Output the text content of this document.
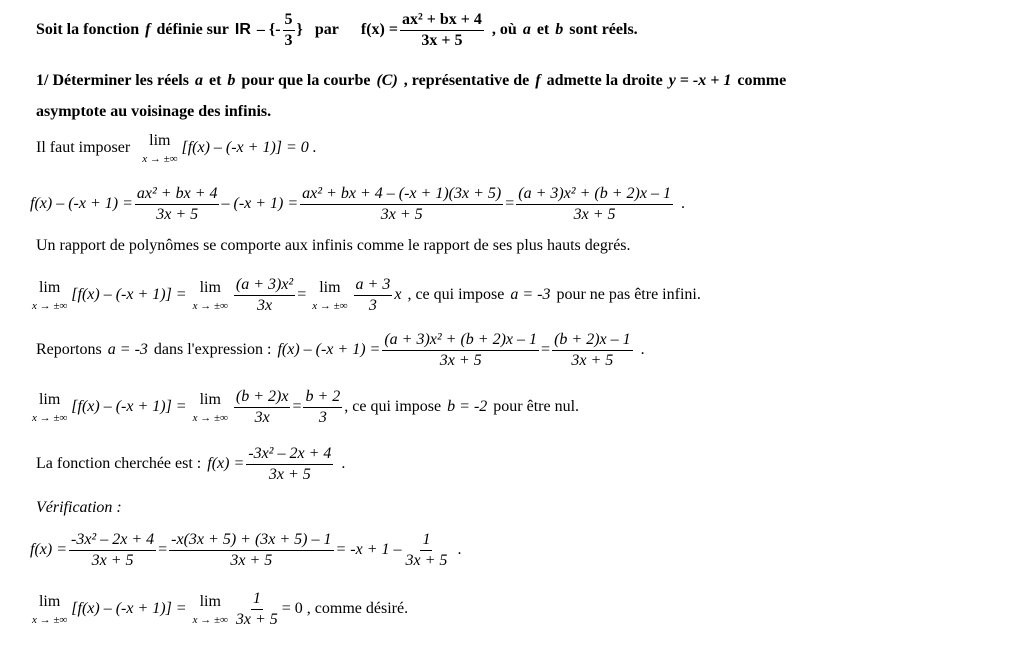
Soit la fonction f définie sur IR – {- $\frac{5}{3}$ } par $f(x) = \frac{\text{ax² + bx + 4}}{3x + 5}$ , où a et b sont réels.
1/ Déterminer les réels a et b pour que la courbe (C) , représentative de f admette la droite y = -x + 1 comme
asymptote au voisinage des infinis.
Il faut imposer lim
x → ±∞
[f(x) – (-x + 1)] = 0 .
$f(x) - (-x + 1) = \frac{\text{ax² + bx + 4}}{3x + 5} - (-x + 1) = \frac{\text{ax² + bx + 4 – (-x + 1)(3x + 5)}}{3x + 5} = \frac{\text{(a + 3)x² + (b + 2)x – 1}}{3x + 5}$ .
Un rapport de polynômes se comporte aux infinis comme le rapport de ses plus hauts degrés.
lim
x → ±∞
[f(x) – (-x + 1)] = lim
x → ±∞ $\frac{\text{(a + 3)x²}}{3x} = \lim$
x → ±∞ $\frac{a + 3}{3}$ x , ce qui impose a = -3 pour ne pas être infini.
Reportons a = -3 dans l'expression : $f(x) - (-x + 1) = \frac{\text{(a + 3)x² + (b + 2)x – 1}}{3x + 5} = \frac{(b + 2)x - 1}{3x + 5}$ .
lim
x → ±∞
[f(x) – (-x + 1)] = lim
x → ±∞ $\frac{(b + 2)x}{3x} = \frac{b + 2}{3}$ , ce qui impose b = -2 pour être nul.
La fonction cherchée est : $f(x) = \frac{\text{-3x² – 2x + 4}}{3x + 5}$ .
Vérification :
$f(x) = \frac{\text{-3x² – 2x + 4}}{3x + 5} = \frac{-x(3x + 5) + (3x + 5) - 1}{3x + 5} = -x + 1 - \frac{1}{3x + 5}$ .
lim
x → ±∞
[f(x) – (-x + 1)] = lim
x → ±∞ $\frac{1}{3x + 5} = 0$ , comme désiré.
